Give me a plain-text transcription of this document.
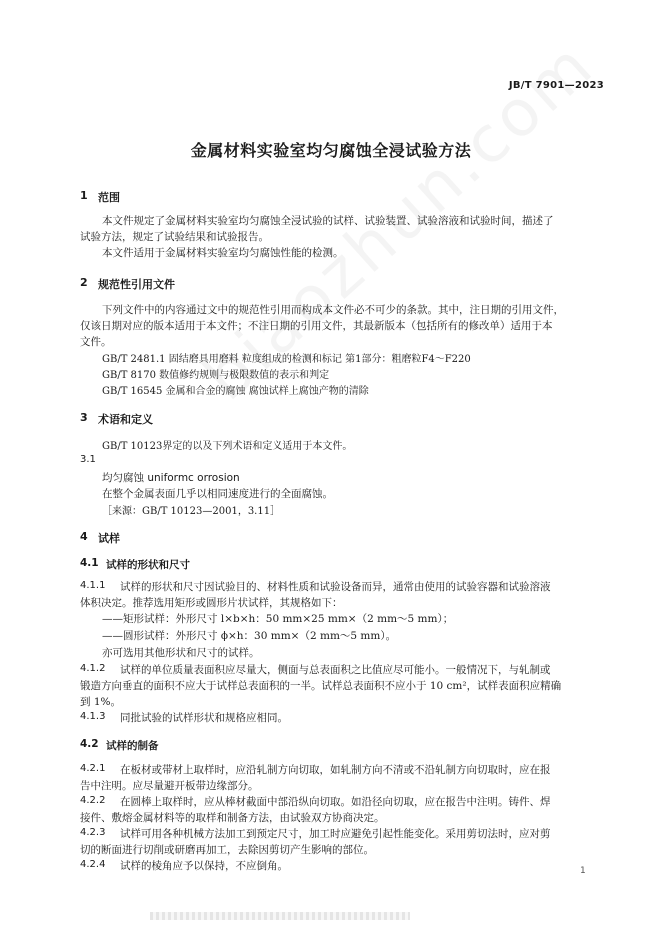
JB/T 7901—2023
金属材料实验室均匀腐蚀全浸试验方法
1 范围
本文件规定了金属材料实验室均匀腐蚀全浸试验的试样、试验装置、试验溶液和试验时间，描述了
试验方法，规定了试验结果和试验报告。
本文件适用于金属材料实验室均匀腐蚀性能的检测。
2 规范性引用文件
下列文件中的内容通过文中的规范性引用而构成本文件必不可少的条款。其中，注日期的引用文件，
仅该日期对应的版本适用于本文件；不注日期的引用文件，其最新版本（包括所有的修改单）适用于本
文件。
GB/T 2481.1 固结磨具用磨料 粒度组成的检测和标记 第1部分：粗磨粒F4～F220
GB/T 8170 数值修约规则与极限数值的表示和判定
GB/T 16545 金属和合金的腐蚀 腐蚀试样上腐蚀产物的清除
3 术语和定义
GB/T 10123界定的以及下列术语和定义适用于本文件。
3.1
均匀腐蚀 uniformc orrosion
在整个金属表面几乎以相同速度进行的全面腐蚀。
［来源：GB/T 10123—2001，3.11］
4 试样
4.1 试样的形状和尺寸
4.1.1 试样的形状和尺寸因试验目的、材料性质和试验设备而异，通常由使用的试验容器和试验溶液
体积决定。推荐选用矩形或圆形片状试样，其规格如下：
——矩形试样：外形尺寸 l×b×h：50 mm×25 mm×（2 mm～5 mm）；
——圆形试样：外形尺寸 ϕ×h：30 mm×（2 mm～5 mm）。
亦可选用其他形状和尺寸的试样。
4.1.2 试样的单位质量表面积应尽量大，侧面与总表面积之比值应尽可能小。一般情况下，与轧制或
锻造方向垂直的面积不应大于试样总表面积的一半。试样总表面积不应小于 10 cm²，试样表面积应精确
到 1%。
4.1.3 同批试验的试样形状和规格应相同。
4.2 试样的制备
4.2.1 在板材或带材上取样时，应沿轧制方向切取，如轧制方向不清或不沿轧制方向切取时，应在报
告中注明。应尽量避开板带边缘部分。
4.2.2 在圆棒上取样时，应从棒材截面中部沿纵向切取。如沿径向切取，应在报告中注明。铸件、焊
接件、敷熔金属材料等的取样和制备方法，由试验双方协商决定。
4.2.3 试样可用各种机械方法加工到预定尺寸，加工时应避免引起性能变化。采用剪切法时，应对剪
切的断面进行切削或研磨再加工，去除因剪切产生影响的部位。
4.2.4 试样的棱角应予以保持，不应倒角。	1
